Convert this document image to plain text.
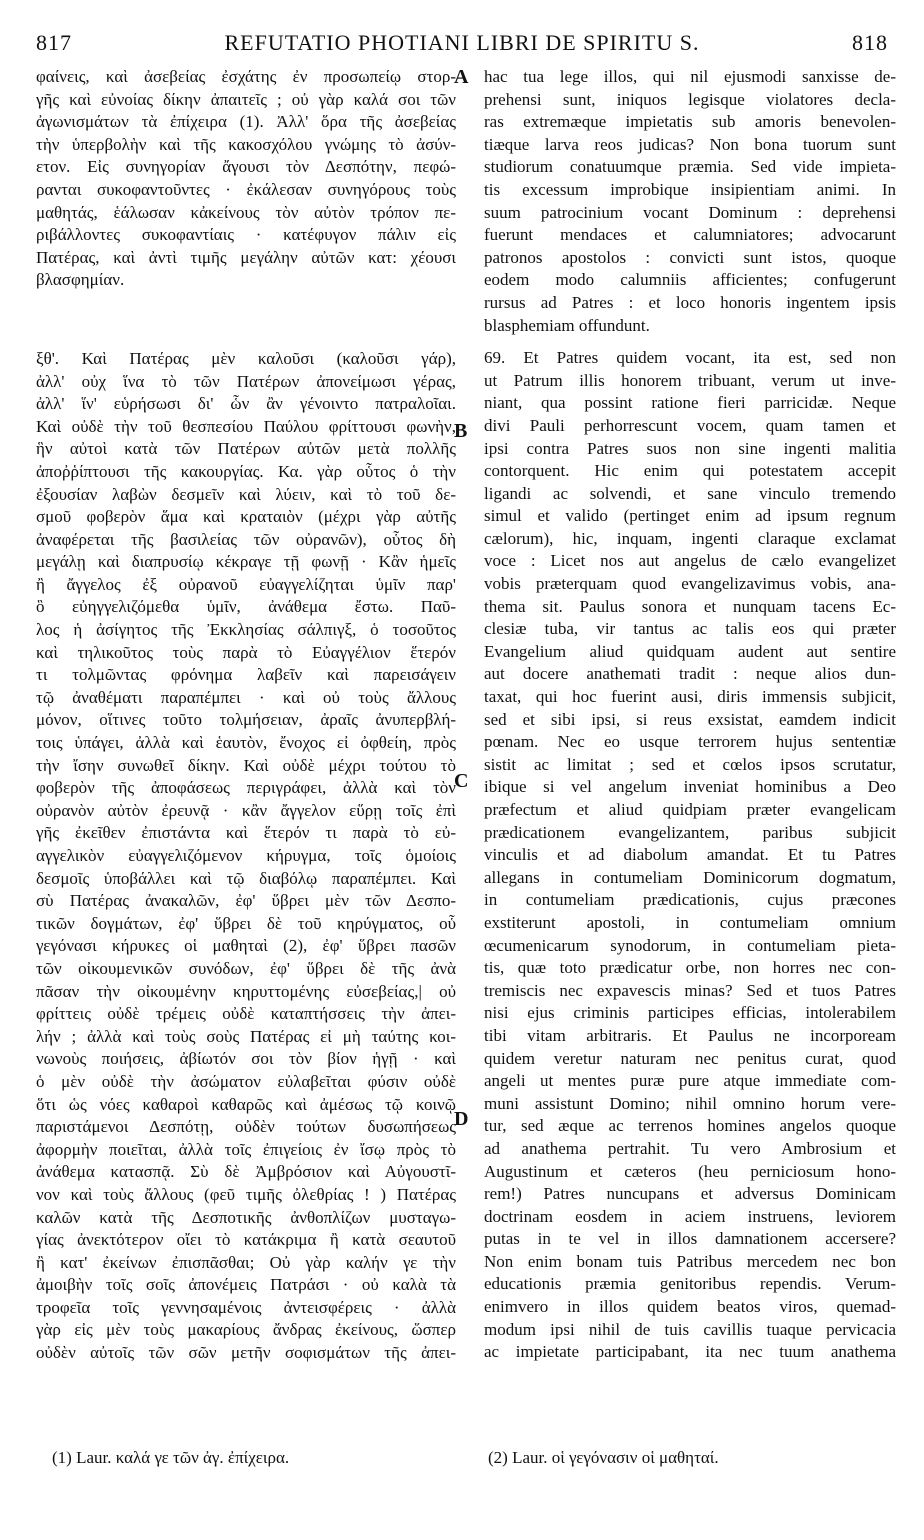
817	REFUTATIO PHOTIANI LIBRI DE SPIRITU S.	818
φαίνεις, καὶ ἀσεβείας ἐσχάτης ἐν προσωπείῳ στορ-
γῆς καὶ εὐνοίας δίκην ἀπαιτεῖς ; οὐ γὰρ καλά σοι τῶν
ἀγωνισμάτων τὰ ἐπίχειρα (1). Ἀλλ' ὅρα τῆς ἀσεβείας
τὴν ὑπερβολὴν καὶ τῆς κακοσχόλου γνώμης τὸ ἀσύν-
ετον. Εἰς συνηγορίαν ἄγουσι τὸν Δεσπότην, πεφώ-
ρανται συκοφαντοῦντες · ἐκάλεσαν συνηγόρους τοὺς
μαθητάς, ἑάλωσαν κἀκείνους τὸν αὐτὸν τρόπον πε-
ριβάλλοντες συκοφαντίαις · κατέφυγον πάλιν εἰς
Πατέρας, καὶ ἀντὶ τιμῆς μεγάλην αὐτῶν κατ: χέουσι
βλασφημίαν.
ξθ'. Καὶ Πατέρας μὲν καλοῦσι (καλοῦσι γάρ),
ἀλλ' οὐχ ἵνα τὸ τῶν Πατέρων ἀπονείμωσι γέρας,
ἀλλ' ἵν' εὑρήσωσι δι' ὧν ἂν γένοιντο πατραλοῖαι.
Καὶ οὐδὲ τὴν τοῦ θεσπεσίου Παύλου φρίττουσι φωνὴν,
ἣν αὐτοὶ κατὰ τῶν Πατέρων αὐτῶν μετὰ πολλῆς
ἀποῤῥίπτουσι τῆς κακουργίας. Κα. γὰρ οὗτος ὁ τὴν
ἐξουσίαν λαβὼν δεσμεῖν καὶ λύειν, καὶ τὸ τοῦ δε-
σμοῦ φοβερὸν ἅμα καὶ κραταιὸν (μέχρι γὰρ αὐτῆς
ἀναφέρεται τῆς βασιλείας τῶν οὐρανῶν), οὗτος δὴ
μεγάλῃ καὶ διαπρυσίῳ κέκραγε τῇ φωνῇ · Κἂν ἡμεῖς
ἢ ἄγγελος ἐξ οὐρανοῦ εὐαγγελίζηται ὑμῖν παρ'
ὃ εὐηγγελιζόμεθα ὑμῖν, ἀνάθεμα ἔστω. Παῦ-
λος ἡ ἀσίγητος τῆς Ἐκκλησίας σάλπιγξ, ὁ τοσοῦτος
καὶ τηλικοῦτος τοὺς παρὰ τὸ Εὐαγγέλιον ἕτερόν
τι τολμῶντας φρόνημα λαβεῖν καὶ παρεισάγειν
τῷ ἀναθέματι παραπέμπει · καὶ οὐ τοὺς ἄλλους
μόνον, οἵτινες τοῦτο τολμήσειαν, ἀραῖς ἀνυπερβλή-
τοις ὑπάγει, ἀλλὰ καὶ ἑαυτὸν, ἔνοχος εἰ ὀφθείη, πρὸς
τὴν ἴσην συνωθεῖ δίκην. Καὶ οὐδὲ μέχρι τούτου τὸ
φοβερὸν τῆς ἀποφάσεως περιγράφει, ἀλλὰ καὶ τὸν
οὐρανὸν αὐτὸν ἐρευνᾷ · κἂν ἄγγελον εὕρῃ τοῖς ἐπὶ
γῆς ἐκεῖθεν ἐπιστάντα καὶ ἕτερόν τι παρὰ τὸ εὐ-
αγγελικὸν εὐαγγελιζόμενον κήρυγμα, τοῖς ὁμοίοις
δεσμοῖς ὑποβάλλει καὶ τῷ διαβόλῳ παραπέμπει. Καὶ
σὺ Πατέρας ἀνακαλῶν, ἐφ' ὕβρει μὲν τῶν Δεσπο-
τικῶν δογμάτων, ἐφ' ὕβρει δὲ τοῦ κηρύγματος, οὗ
γεγόνασι κήρυκες οἱ μαθηταὶ (2), ἐφ' ὕβρει πασῶν
τῶν οἰκουμενικῶν συνόδων, ἐφ' ὕβρει δὲ τῆς ἀνὰ
πᾶσαν τὴν οἰκουμένην κηρυττομένης εὐσεβείας,| οὐ
φρίττεις οὐδὲ τρέμεις οὐδὲ καταπτήσσεις τὴν ἀπει-
λήν ; ἀλλὰ καὶ τοὺς σοὺς Πατέρας εἰ μὴ ταύτης κοι-
νωνοὺς ποιήσεις, ἀβίωτόν σοι τὸν βίον ἡγῇ · καὶ
ὁ μὲν οὐδὲ τὴν ἀσώματον εὐλαβεῖται φύσιν οὐδὲ
ὅτι ὡς νόες καθαροὶ καθαρῶς καὶ ἀμέσως τῷ κοινῷ
παριστάμενοι Δεσπότῃ, οὐδὲν τούτων δυσωπήσεως
ἀφορμὴν ποιεῖται, ἀλλὰ τοῖς ἐπιγείοις ἐν ἴσῳ πρὸς τὸ
ἀνάθεμα κατασπᾷ. Σὺ δὲ Ἀμβρόσιον καὶ Αὐγουστῖ-
νον καὶ τοὺς ἄλλους (φεῦ τιμῆς ὀλεθρίας ! ) Πατέρας
καλῶν κατὰ τῆς Δεσποτικῆς ἀνθοπλίζων μυσταγω-
γίας ἀνεκτότερον οἴει τὸ κατάκριμα ἢ κατὰ σεαυτοῦ
ἢ κατ' ἐκείνων ἐπισπᾶσθαι; Οὐ γὰρ καλήν γε τὴν
ἀμοιβὴν τοῖς σοῖς ἀπονέμεις Πατράσι · οὐ καλὰ τὰ
τροφεῖα τοῖς γεννησαμένοις ἀντεισφέρεις · ἀλλὰ
γὰρ εἰς μὲν τοὺς μακαρίους ἄνδρας ἐκείνους, ὥσπερ
οὐδὲν αὐτοῖς τῶν σῶν μετῆν σοφισμάτων τῆς ἀπει-
hac tua lege illos, qui nil ejusmodi sanxisse de-
prehensi sunt, iniquos legisque violatores decla-
ras extremæque impietatis sub amoris benevolen-
tiæque larva reos judicas? Non bona tuorum sunt
studiorum conatuumque præmia. Sed vide impieta-
tis excessum improbique insipientiam animi. In
suum patrocinium vocant Dominum : deprehensi
fuerunt mendaces et calumniatores; advocarunt
patronos apostolos : convicti sunt istos, quoque
eodem modo calumniis afficientes; confugerunt
rursus ad Patres : et loco honoris ingentem ipsis
blasphemiam offundunt.
69. Et Patres quidem vocant, ita est, sed non
ut Patrum illis honorem tribuant, verum ut inve-
niant, qua possint ratione fieri parricidæ. Neque
divi Pauli perhorrescunt vocem, quam tamen et
ipsi contra Patres suos non sine ingenti malitia
contorquent. Hic enim qui potestatem accepit
ligandi ac solvendi, et sane vinculo tremendo
simul et valido (pertinget enim ad ipsum regnum
cælorum), hic, inquam, ingenti claraque exclamat
voce : Licet nos aut angelus de cælo evangelizet
vobis præterquam quod evangelizavimus vobis, ana-
thema sit. Paulus sonora et nunquam tacens Ec-
clesiæ tuba, vir tantus ac talis eos qui præter
Evangelium aliud quidquam audent aut sentire
aut docere anathemati tradit : neque alios dun-
taxat, qui hoc fuerint ausi, diris immensis subjicit,
sed et sibi ipsi, si reus exsistat, eamdem indicit
pœnam. Nec eo usque terrorem hujus sententiæ
sistit ac limitat ; sed et cœlos ipsos scrutatur,
ibique si vel angelum inveniat hominibus a Deo
præfectum et aliud quidpiam præter evangelicam
prædicationem evangelizantem, paribus subjicit
vinculis et ad diabolum amandat. Et tu Patres
allegans in contumeliam Dominicorum dogmatum,
in contumeliam prædicationis, cujus præcones
exstiterunt apostoli, in contumeliam omnium
œcumenicarum synodorum, in contumeliam pieta-
tis, quæ toto prædicatur orbe, non horres nec con-
tremiscis nec expavescis minas? Sed et tuos Patres
nisi ejus criminis participes efficias, intolerabilem
tibi vitam arbitraris. Et Paulus ne incorpoream
quidem veretur naturam nec penitus curat, quod
angeli ut mentes puræ pure atque immediate com-
muni assistunt Domino; nihil omnino horum vere-
tur, sed æque ac terrenos homines angelos quoque
ad anathema pertrahit. Tu vero Ambrosium et
Augustinum et cæteros (heu perniciosum hono-
rem!) Patres nuncupans et adversus Dominicam
doctrinam eosdem in aciem instruens, leviorem
putas in te vel in illos damnationem accersere?
Non enim bonam tuis Patribus mercedem nec bon
educationis præmia genitoribus rependis. Verum-
enimvero in illos quidem beatos viros, quemad-
modum ipsi nihil de tuis cavillis tuaque pervicacia
ac impietate participabant, ita nec tuum anathema
A
B
C
D
(1) Laur. καλά γε τῶν ἀγ. ἐπίχειρα.	(2) Laur. οἱ γεγόνασιν οἱ μαθηταί.
